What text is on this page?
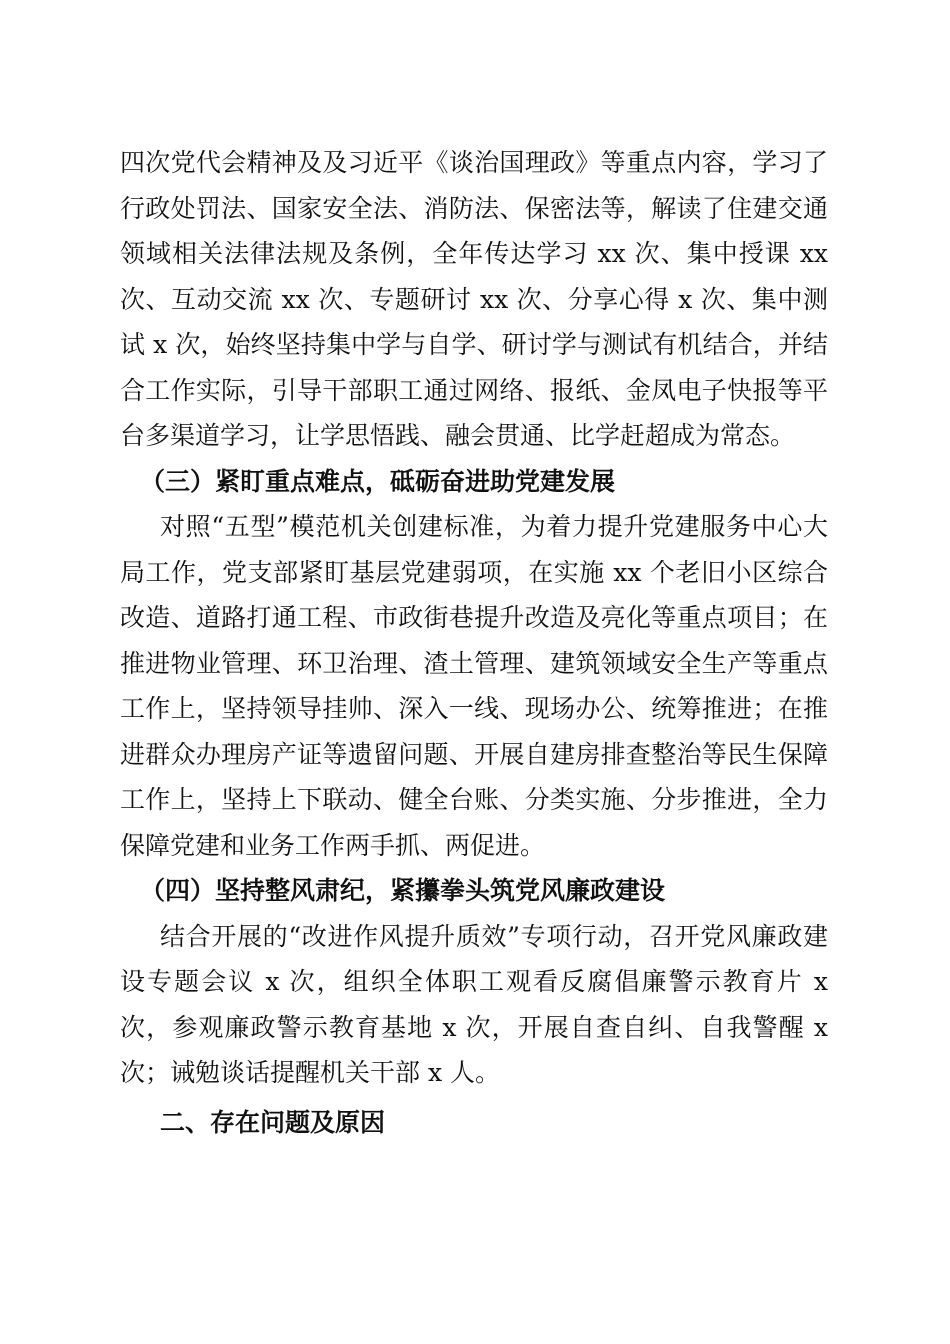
四次党代会精神及及习近平《谈治国理政》等重点内容，学习了行政处罚法、国家安全法、消防法、保密法等，解读了住建交通领域相关法律法规及条例，全年传达学习 xx 次、集中授课 xx 次、互动交流 xx 次、专题研讨 xx 次、分享心得 x 次、集中测试 x 次，始终坚持集中学与自学、研讨学与测试有机结合，并结合工作实际，引导干部职工通过网络、报纸、金凤电子快报等平台多渠道学习，让学思悟践、融会贯通、比学赶超成为常态。

（三）紧盯重点难点，砥砺奋进助党建发展

对照“五型”模范机关创建标准，为着力提升党建服务中心大局工作，党支部紧盯基层党建弱项，在实施 xx 个老旧小区综合改造、道路打通工程、市政街巷提升改造及亮化等重点项目；在推进物业管理、环卫治理、渣土管理、建筑领域安全生产等重点工作上，坚持领导挂帅、深入一线、现场办公、统筹推进；在推进群众办理房产证等遗留问题、开展自建房排查整治等民生保障工作上，坚持上下联动、健全台账、分类实施、分步推进，全力保障党建和业务工作两手抓、两促进。

（四）坚持整风肃纪，紧攥拳头筑党风廉政建设

结合开展的“改进作风提升质效”专项行动，召开党风廉政建设专题会议 x 次，组织全体职工观看反腐倡廉警示教育片 x 次，参观廉政警示教育基地 x 次，开展自查自纠、自我警醒 x 次；诫勉谈话提醒机关干部 x 人。

二、存在问题及原因
